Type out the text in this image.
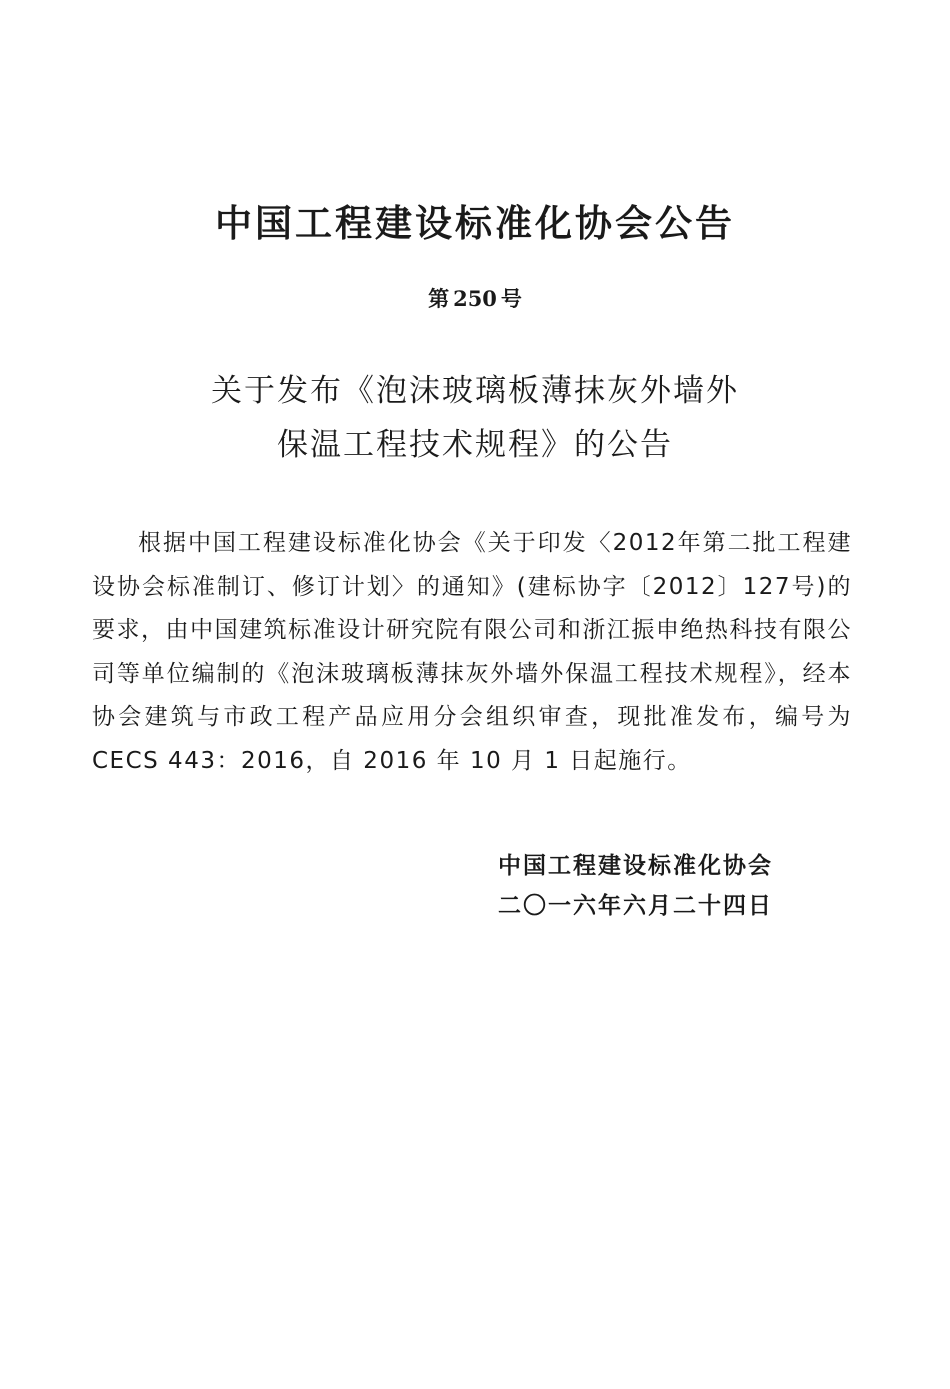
中国工程建设标准化协会公告
第 250 号
关于发布《泡沫玻璃板薄抹灰外墙外
保温工程技术规程》的公告
根据中国工程建设标准化协会《关于印发〈2012年第二批工程建设协会标准制订、修订计划〉的通知》(建标协字〔2012〕127号)的要求，由中国建筑标准设计研究院有限公司和浙江振申绝热科技有限公司等单位编制的《泡沫玻璃板薄抹灰外墙外保温工程技术规程》，经本协会建筑与市政工程产品应用分会组织审查，现批准发布，编号为 CECS 443：2016，自 2016 年 10 月 1 日起施行。
中国工程建设标准化协会
二〇一六年六月二十四日
